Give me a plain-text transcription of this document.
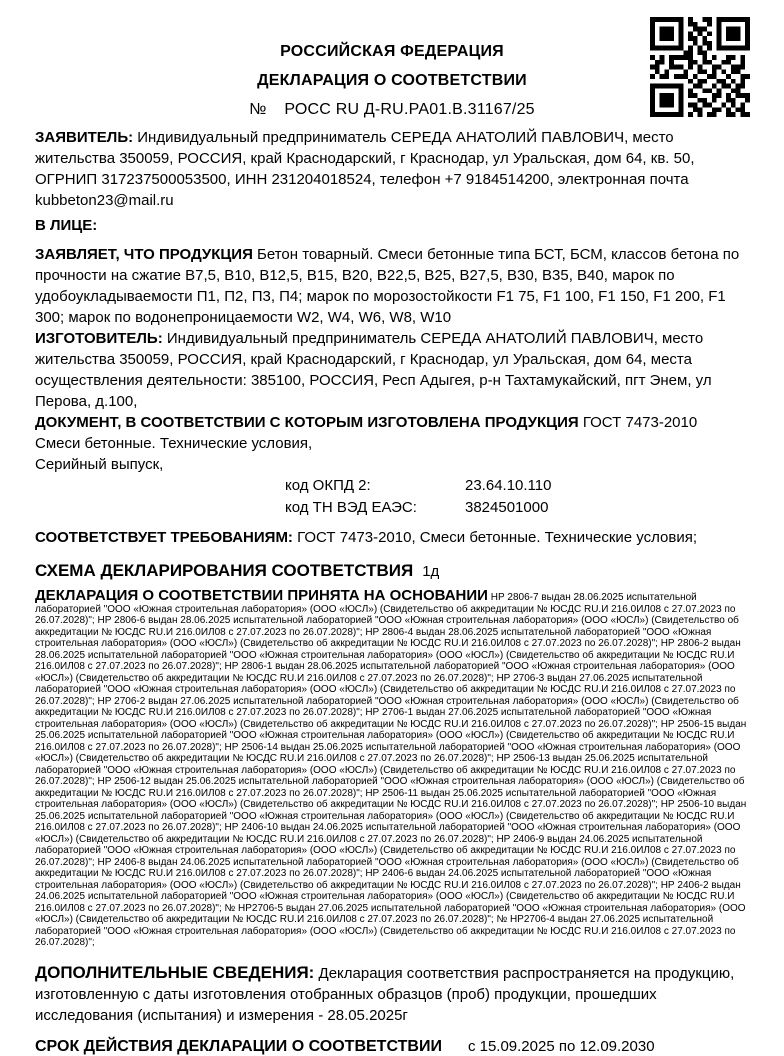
РОССИЙСКАЯ ФЕДЕРАЦИЯ
ДЕКЛАРАЦИЯ О СООТВЕТСТВИИ
№ РОСС RU Д-RU.РА01.В.31167/25

ЗАЯВИТЕЛЬ: Индивидуальный предприниматель СЕРЕДА АНАТОЛИЙ ПАВЛОВИЧ, место жительства 350059, РОССИЯ, край Краснодарский, г Краснодар, ул Уральская, дом 64, кв. 50, ОГРНИП 317237500053500, ИНН 231204018524, телефон +7 9184514200, электронная почта kubbeton23@mail.ru

В ЛИЦЕ:

ЗАЯВЛЯЕТ, ЧТО ПРОДУКЦИЯ Бетон товарный. Смеси бетонные типа БСТ, БСМ, классов бетона по прочности на сжатие В7,5, В10, В12,5, В15, В20, В22,5, В25, В27,5, В30, В35, В40, марок по удобоукладываемости П1, П2, П3, П4; марок по морозостойкости F1 75, F1 100, F1 150, F1 200, F1 300; марок по водонепроницаемости W2, W4, W6, W8, W10

ИЗГОТОВИТЕЛЬ: Индивидуальный предприниматель СЕРЕДА АНАТОЛИЙ ПАВЛОВИЧ, место жительства 350059, РОССИЯ, край Краснодарский, г Краснодар, ул Уральская, дом 64, места осуществления деятельности: 385100, РОССИЯ, Респ Адыгея, р-н Тахтамукайский, пгт Энем, ул Перова, д.100,

ДОКУМЕНТ, В СООТВЕТСТВИИ С КОТОРЫМ ИЗГОТОВЛЕНА ПРОДУКЦИЯ ГОСТ 7473-2010
Смеси бетонные. Технические условия,
Серийный выпуск,

код ОКПД 2:	23.64.10.110
код ТН ВЭД ЕАЭС:	3824501000

СООТВЕТСТВУЕТ ТРЕБОВАНИЯМ: ГОСТ 7473-2010, Смеси бетонные. Технические условия;

СХЕМА ДЕКЛАРИРОВАНИЯ СООТВЕТСТВИЯ 1д

ДЕКЛАРАЦИЯ О СООТВЕТСТВИИ ПРИНЯТА НА ОСНОВАНИИ НР 2806-7 выдан 28.06.2025 испытательной лабораторией "ООО «Южная строительная лаборатория» (ООО «ЮСЛ») (Свидетельство об аккредитации № ЮСДС RU.И 216.0ИЛ08 с 27.07.2023 по 26.07.2028)"; НР 2806-6 выдан 28.06.2025 испытательной лабораторией "ООО «Южная строительная лаборатория» (ООО «ЮСЛ») (Свидетельство об аккредитации № ЮСДС RU.И 216.0ИЛ08 с 27.07.2023 по 26.07.2028)"; НР 2806-4 выдан 28.06.2025 испытательной лабораторией "ООО «Южная строительная лаборатория» (ООО «ЮСЛ») (Свидетельство об аккредитации № ЮСДС RU.И 216.0ИЛ08 с 27.07.2023 по 26.07.2028)"; НР 2806-2 выдан 28.06.2025 испытательной лабораторией "ООО «Южная строительная лаборатория» (ООО «ЮСЛ») (Свидетельство об аккредитации № ЮСДС RU.И 216.0ИЛ08 с 27.07.2023 по 26.07.2028)"; НР 2806-1 выдан 28.06.2025 испытательной лабораторией "ООО «Южная строительная лаборатория» (ООО «ЮСЛ») (Свидетельство об аккредитации № ЮСДС RU.И 216.0ИЛ08 с 27.07.2023 по 26.07.2028)"; НР 2706-3 выдан 27.06.2025 испытательной лабораторией "ООО «Южная строительная лаборатория» (ООО «ЮСЛ») (Свидетельство об аккредитации № ЮСДС RU.И 216.0ИЛ08 с 27.07.2023 по 26.07.2028)"; НР 2706-2 выдан 27.06.2025 испытательной лабораторией "ООО «Южная строительная лаборатория» (ООО «ЮСЛ») (Свидетельство об аккредитации № ЮСДС RU.И 216.0ИЛ08 с 27.07.2023 по 26.07.2028)"; НР 2706-1 выдан 27.06.2025 испытательной лабораторией "ООО «Южная строительная лаборатория» (ООО «ЮСЛ») (Свидетельство об аккредитации № ЮСДС RU.И 216.0ИЛ08 с 27.07.2023 по 26.07.2028)"; НР 2506-15 выдан 25.06.2025 испытательной лабораторией "ООО «Южная строительная лаборатория» (ООО «ЮСЛ») (Свидетельство об аккредитации № ЮСДС RU.И 216.0ИЛ08 с 27.07.2023 по 26.07.2028)"; НР 2506-14 выдан 25.06.2025 испытательной лабораторией "ООО «Южная строительная лаборатория» (ООО «ЮСЛ») (Свидетельство об аккредитации № ЮСДС RU.И 216.0ИЛ08 с 27.07.2023 по 26.07.2028)"; НР 2506-13 выдан 25.06.2025 испытательной лабораторией "ООО «Южная строительная лаборатория» (ООО «ЮСЛ») (Свидетельство об аккредитации № ЮСДС RU.И 216.0ИЛ08 с 27.07.2023 по 26.07.2028)"; НР 2506-12 выдан 25.06.2025 испытательной лабораторией "ООО «Южная строительная лаборатория» (ООО «ЮСЛ») (Свидетельство об аккредитации № ЮСДС RU.И 216.0ИЛ08 с 27.07.2023 по 26.07.2028)"; НР 2506-11 выдан 25.06.2025 испытательной лабораторией "ООО «Южная строительная лаборатория» (ООО «ЮСЛ») (Свидетельство об аккредитации № ЮСДС RU.И 216.0ИЛ08 с 27.07.2023 по 26.07.2028)"; НР 2506-10 выдан 25.06.2025 испытательной лабораторией "ООО «Южная строительная лаборатория» (ООО «ЮСЛ») (Свидетельство об аккредитации № ЮСДС RU.И 216.0ИЛ08 с 27.07.2023 по 26.07.2028)"; НР 2406-10 выдан 24.06.2025 испытательной лабораторией "ООО «Южная строительная лаборатория» (ООО «ЮСЛ») (Свидетельство об аккредитации № ЮСДС RU.И 216.0ИЛ08 с 27.07.2023 по 26.07.2028)"; НР 2406-9 выдан 24.06.2025 испытательной лабораторией "ООО «Южная строительная лаборатория» (ООО «ЮСЛ») (Свидетельство об аккредитации № ЮСДС RU.И 216.0ИЛ08 с 27.07.2023 по 26.07.2028)"; НР 2406-8 выдан 24.06.2025 испытательной лабораторией "ООО «Южная строительная лаборатория» (ООО «ЮСЛ») (Свидетельство об аккредитации № ЮСДС RU.И 216.0ИЛ08 с 27.07.2023 по 26.07.2028)"; НР 2406-6 выдан 24.06.2025 испытательной лабораторией "ООО «Южная строительная лаборатория» (ООО «ЮСЛ») (Свидетельство об аккредитации № ЮСДС RU.И 216.0ИЛ08 с 27.07.2023 по 26.07.2028)"; НР 2406-2 выдан 24.06.2025 испытательной лабораторией "ООО «Южная строительная лаборатория» (ООО «ЮСЛ») (Свидетельство об аккредитации № ЮСДС RU.И 216.0ИЛ08 с 27.07.2023 по 26.07.2028)"; № НР2706-5 выдан 27.06.2025 испытательной лабораторией "ООО «Южная строительная лаборатория» (ООО «ЮСЛ») (Свидетельство об аккредитации № ЮСДС RU.И 216.0ИЛ08 с 27.07.2023 по 26.07.2028)"; № НР2706-4 выдан 27.06.2025 испытательной лабораторией "ООО «Южная строительная лаборатория» (ООО «ЮСЛ») (Свидетельство об аккредитации № ЮСДС RU.И 216.0ИЛ08 с 27.07.2023 по 26.07.2028)";

ДОПОЛНИТЕЛЬНЫЕ СВЕДЕНИЯ: Декларация соответствия распространяется на продукцию, изготовленную с даты изготовления отобранных образцов (проб) продукции, прошедших исследования (испытания) и измерения - 28.05.2025г

СРОК ДЕЙСТВИЯ ДЕКЛАРАЦИИ О СООТВЕТСТВИИ с 15.09.2025 по 12.09.2030
